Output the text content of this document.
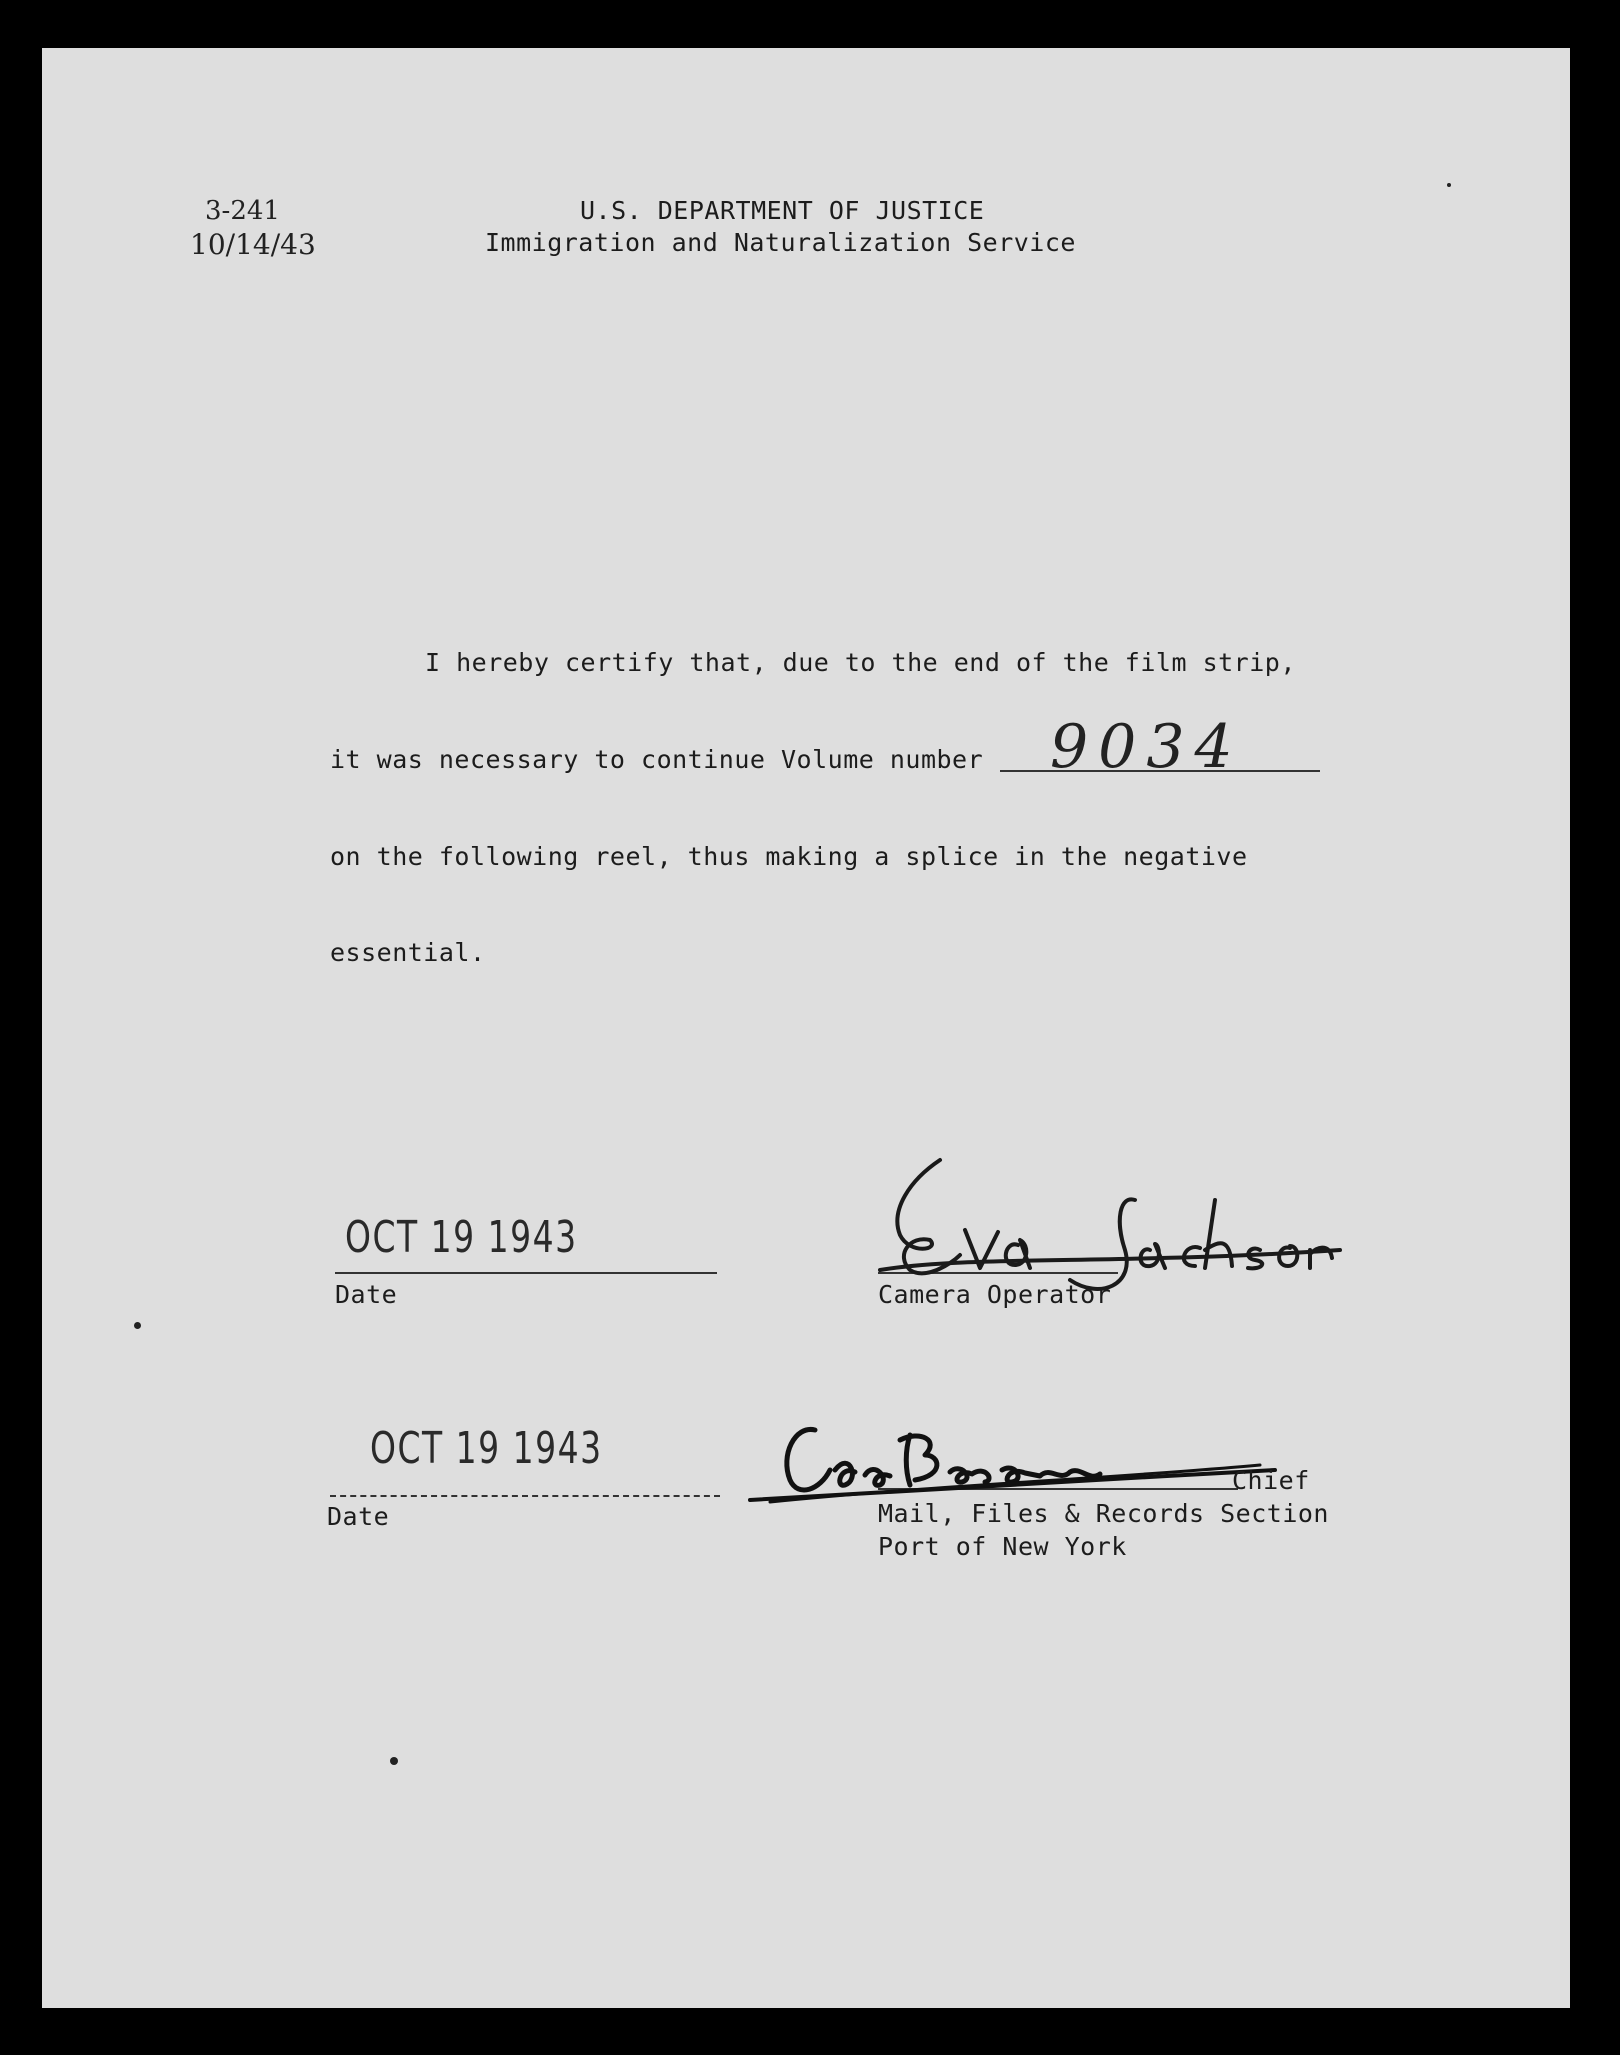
3-241
10/14/43
U.S. DEPARTMENT OF JUSTICE
Immigration and Naturalization Service
I hereby certify that, due to the end of the film strip,
it was necessary to continue Volume number 9034
on the following reel, thus making a splice in the negative
essential.
OCT 19 1943
Date	Camera Operator
OCT 19 1943
Date
Chief
Mail, Files & Records Section
Port of New York
